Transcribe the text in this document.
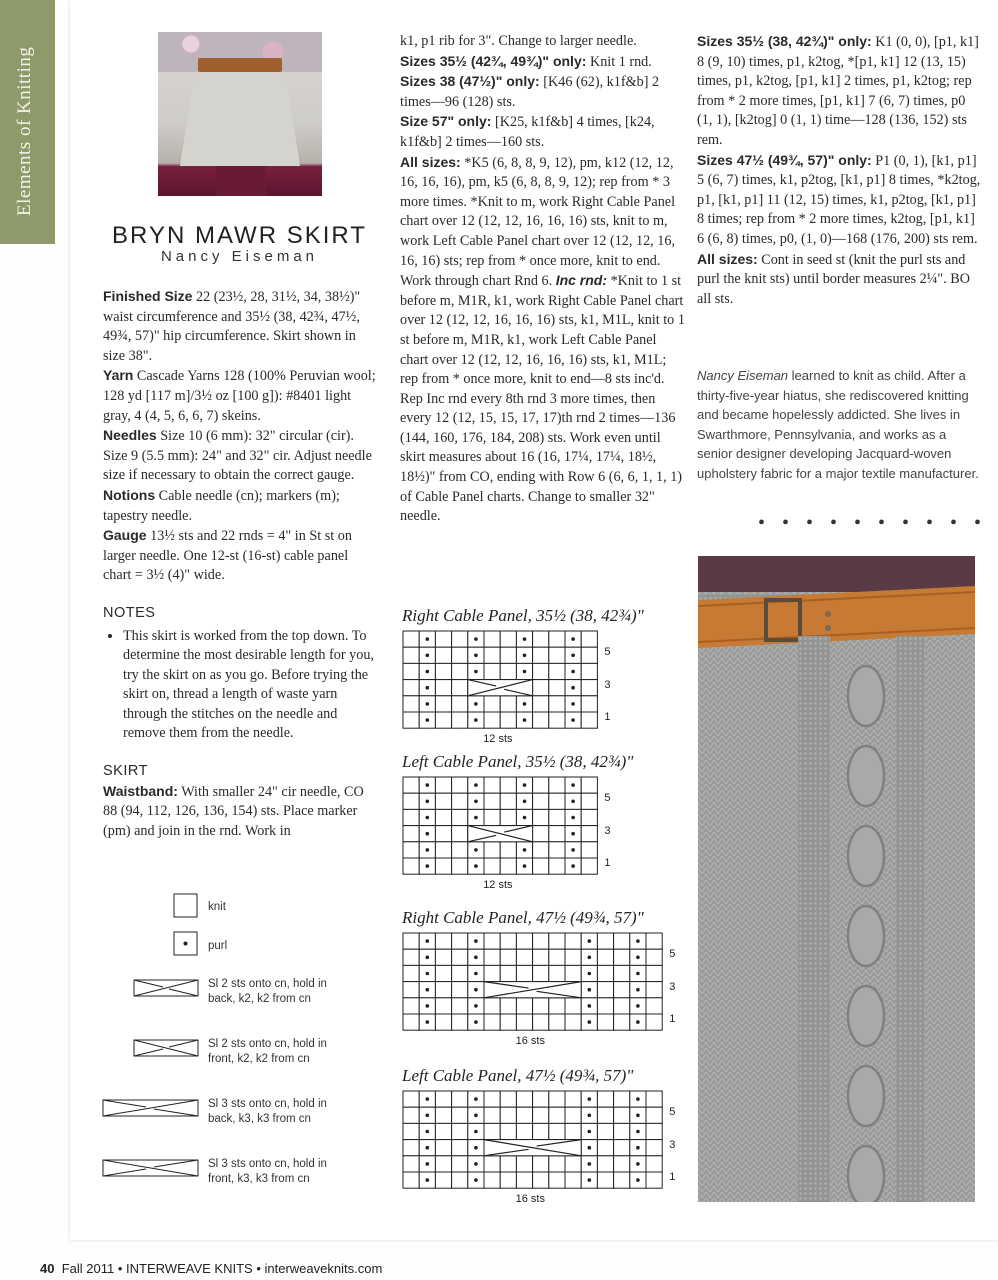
Elements of Knitting
BRYN MAWR SKIRT
Nancy Eiseman

Finished Size 22 (23½, 28, 31½, 34, 38½)" waist circumference and 35½ (38, 42¾, 47½, 49¾, 57)" hip circumference. Skirt shown in size 38".

Yarn Cascade Yarns 128 (100% Peruvian wool; 128 yd [117 m]/3½ oz [100 g]): #8401 light gray, 4 (4, 5, 6, 6, 7) skeins.

Needles Size 10 (6 mm): 32" circular (cir). Size 9 (5.5 mm): 24" and 32" cir. Adjust needle size if necessary to obtain the correct gauge.

Notions Cable needle (cn); markers (m); tapestry needle.

Gauge 13½ sts and 22 rnds = 4" in St st on larger needle. One 12-st (16-st) cable panel chart = 3½ (4)" wide.

NOTES

• This skirt is worked from the top down. To determine the most desirable length for you, try the skirt on as you go. Before trying the skirt on, thread a length of waste yarn through the stitches on the needle and remove them from the needle.

SKIRT

Waistband: With smaller 24" cir needle, CO 88 (94, 112, 126, 136, 154) sts. Place marker (pm) and join in the rnd. Work in

k1, p1 rib for 3". Change to larger needle.

Sizes 35½ (42¾, 49¾)" only: Knit 1 rnd.

Sizes 38 (47½)" only: [K46 (62), k1f&b] 2 times—96 (128) sts.

Size 57" only: [K25, k1f&b] 4 times, [k24, k1f&b] 2 times—160 sts.

All sizes: *K5 (6, 8, 8, 9, 12), pm, k12 (12, 12, 16, 16, 16), pm, k5 (6, 8, 8, 9, 12); rep from * 3 more times. *Knit to m, work Right Cable Panel chart over 12 (12, 12, 16, 16, 16) sts, knit to m, work Left Cable Panel chart over 12 (12, 12, 16, 16, 16) sts; rep from * once more, knit to end. Work through chart Rnd 6. Inc rnd: *Knit to 1 st before m, M1R, k1, work Right Cable Panel chart over 12 (12, 12, 16, 16, 16) sts, k1, M1L, knit to 1 st before m, M1R, k1, work Left Cable Panel chart over 12 (12, 12, 16, 16, 16) sts, k1, M1L; rep from * once more, knit to end—8 sts inc'd.

Rep Inc rnd every 8th rnd 3 more times, then every 12 (12, 15, 15, 17, 17)th rnd 2 times—136 (144, 160, 176, 184, 208) sts. Work even until skirt measures about 16 (16, 17¼, 17¼, 18½, 18½)" from CO, ending with Row 6 (6, 6, 1, 1, 1) of Cable Panel charts. Change to smaller 32" needle.

Sizes 35½ (38, 42¾)" only: K1 (0, 0), [p1, k1] 8 (9, 10) times, p1, k2tog, *[p1, k1] 12 (13, 15) times, p1, k2tog, [p1, k1] 2 times, p1, k2tog; rep from * 2 more times, [p1, k1] 7 (6, 7) times, p0 (1, 1), [k2tog] 0 (1, 1) time—128 (136, 152) sts rem.

Sizes 47½ (49¾, 57)" only: P1 (0, 1), [k1, p1] 5 (6, 7) times, k1, p2tog, [k1, p1] 8 times, *k2tog, p1, [k1, p1] 11 (12, 15) times, k1, p2tog, [k1, p1] 8 times; rep from * 2 more times, k2tog, [p1, k1] 6 (6, 8) times, p0, (1, 0)—168 (176, 200) sts rem.

All sizes: Cont in seed st (knit the purl sts and purl the knit sts) until border measures 2¼". BO all sts.

Nancy Eiseman learned to knit as child. After a thirty-five-year hiatus, she rediscovered knitting and became hopelessly addicted. She lives in Swarthmore, Pennsylvania, and works as a senior designer developing Jacquard-woven upholstery fabric for a major textile manufacturer.
• • • • • • • • • •
knit
purl
Sl 2 sts onto cn, hold in back, k2, k2 from cn
Sl 2 sts onto cn, hold in front, k2, k2 from cn
Sl 3 sts onto cn, hold in back, k3, k3 from cn
Sl 3 sts onto cn, hold in front, k3, k3 from cn
Right Cable Panel, 35½ (38, 42¾)"
5
3
1
12 sts
Left Cable Panel, 35½ (38, 42¾)"
5
3
1
12 sts
Right Cable Panel, 47½ (49¾, 57)"
5
3
1
16 sts
Left Cable Panel, 47½ (49¾, 57)"
5
3
1
16 sts
40 Fall 2011 • INTERWEAVE KNITS • interweaveknits.com
